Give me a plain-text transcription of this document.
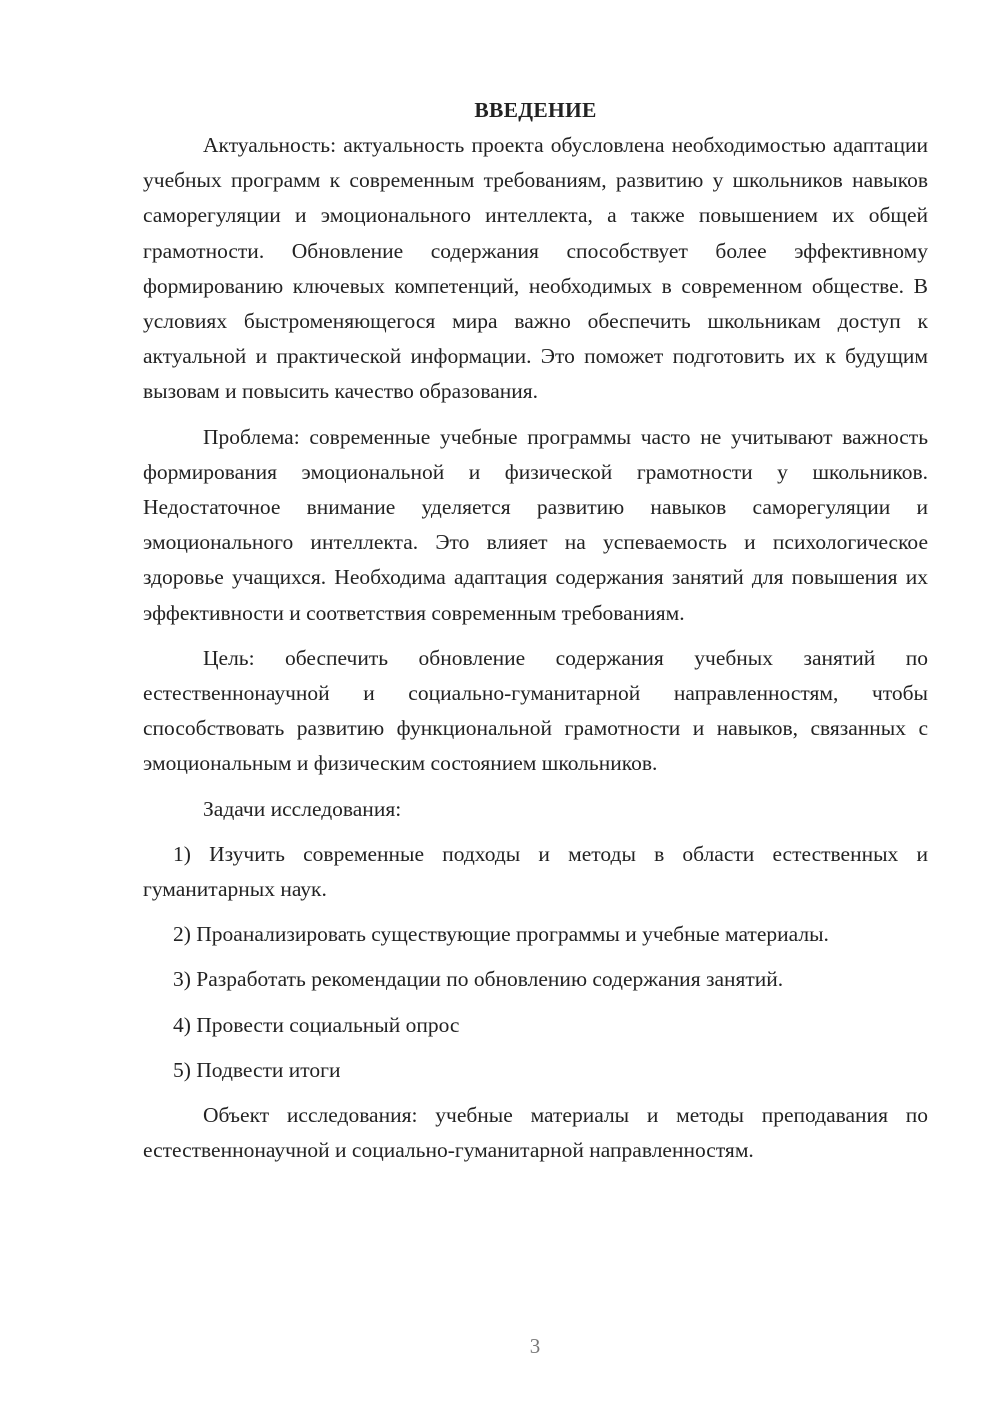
ВВЕДЕНИЕ

Актуальность: актуальность проекта обусловлена необходимостью адаптации учебных программ к современным требованиям, развитию у школьников навыков саморегуляции и эмоционального интеллекта, а также повышением их общей грамотности. Обновление содержания способствует более эффективному формированию ключевых компетенций, необходимых в современном обществе. В условиях быстроменяющегося мира важно обеспечить школьникам доступ к актуальной и практической информации. Это поможет подготовить их к будущим вызовам и повысить качество образования.

Проблема: современные учебные программы часто не учитывают важность формирования эмоциональной и физической грамотности у школьников. Недостаточное внимание уделяется развитию навыков саморегуляции и эмоционального интеллекта. Это влияет на успеваемость и психологическое здоровье учащихся. Необходима адаптация содержания занятий для повышения их эффективности и соответствия современным требованиям.

Цель: обеспечить обновление содержания учебных занятий по естественнонаучной и социально-гуманитарной направленностям, чтобы способствовать развитию функциональной грамотности и навыков, связанных с эмоциональным и физическим состоянием школьников.

Задачи исследования:

1) Изучить современные подходы и методы в области естественных и гуманитарных наук.

2) Проанализировать существующие программы и учебные материалы.

3) Разработать рекомендации по обновлению содержания занятий.

4) Провести социальный опрос

5) Подвести итоги

Объект исследования: учебные материалы и методы преподавания по естественнонаучной и социально-гуманитарной направленностям.

3
